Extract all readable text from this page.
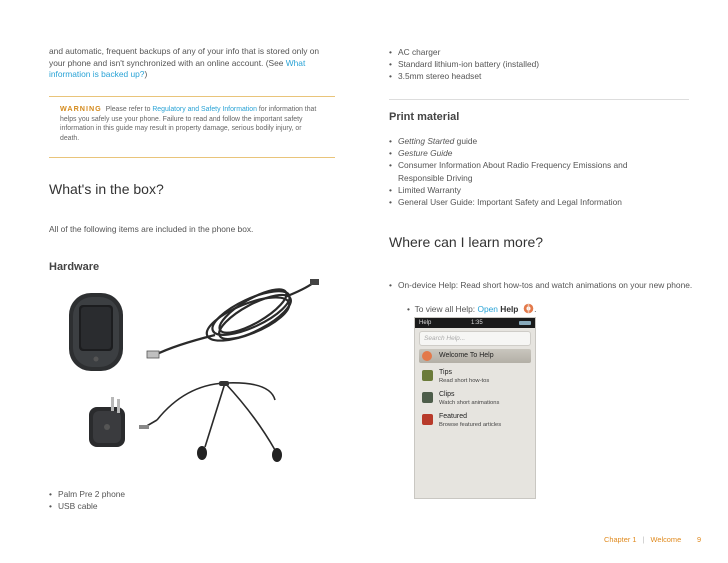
and automatic, frequent backups of any of your info that is stored only on your phone and isn't synchronized with an online account. (See What information is backed up?)

WARNING Please refer to Regulatory and Safety Information for information that helps you safely use your phone. Failure to read and follow the important safety information in this guide may result in property damage, serious bodily injury, or death.

What's in the box?

All of the following items are included in the phone box.

Hardware
• Palm Pre 2 phone
• USB cable
• AC charger
• Standard lithium-ion battery (installed)
• 3.5mm stereo headset
Print material
• Getting Started guide
• Gesture Guide
• Consumer Information About Radio Frequency Emissions and Responsible Driving
• Limited Warranty
• General User Guide: Important Safety and Legal Information
Where can I learn more?
• On-device Help: Read short how-tos and watch animations on your new phone.
•  To view all Help: Open Help .
Help	1:35
Search Help...
Welcome To Help
Tips
Read short how-tos
Clips
Watch short animations
Featured
Browse featured articles
Chapter 1 | Welcome 9
